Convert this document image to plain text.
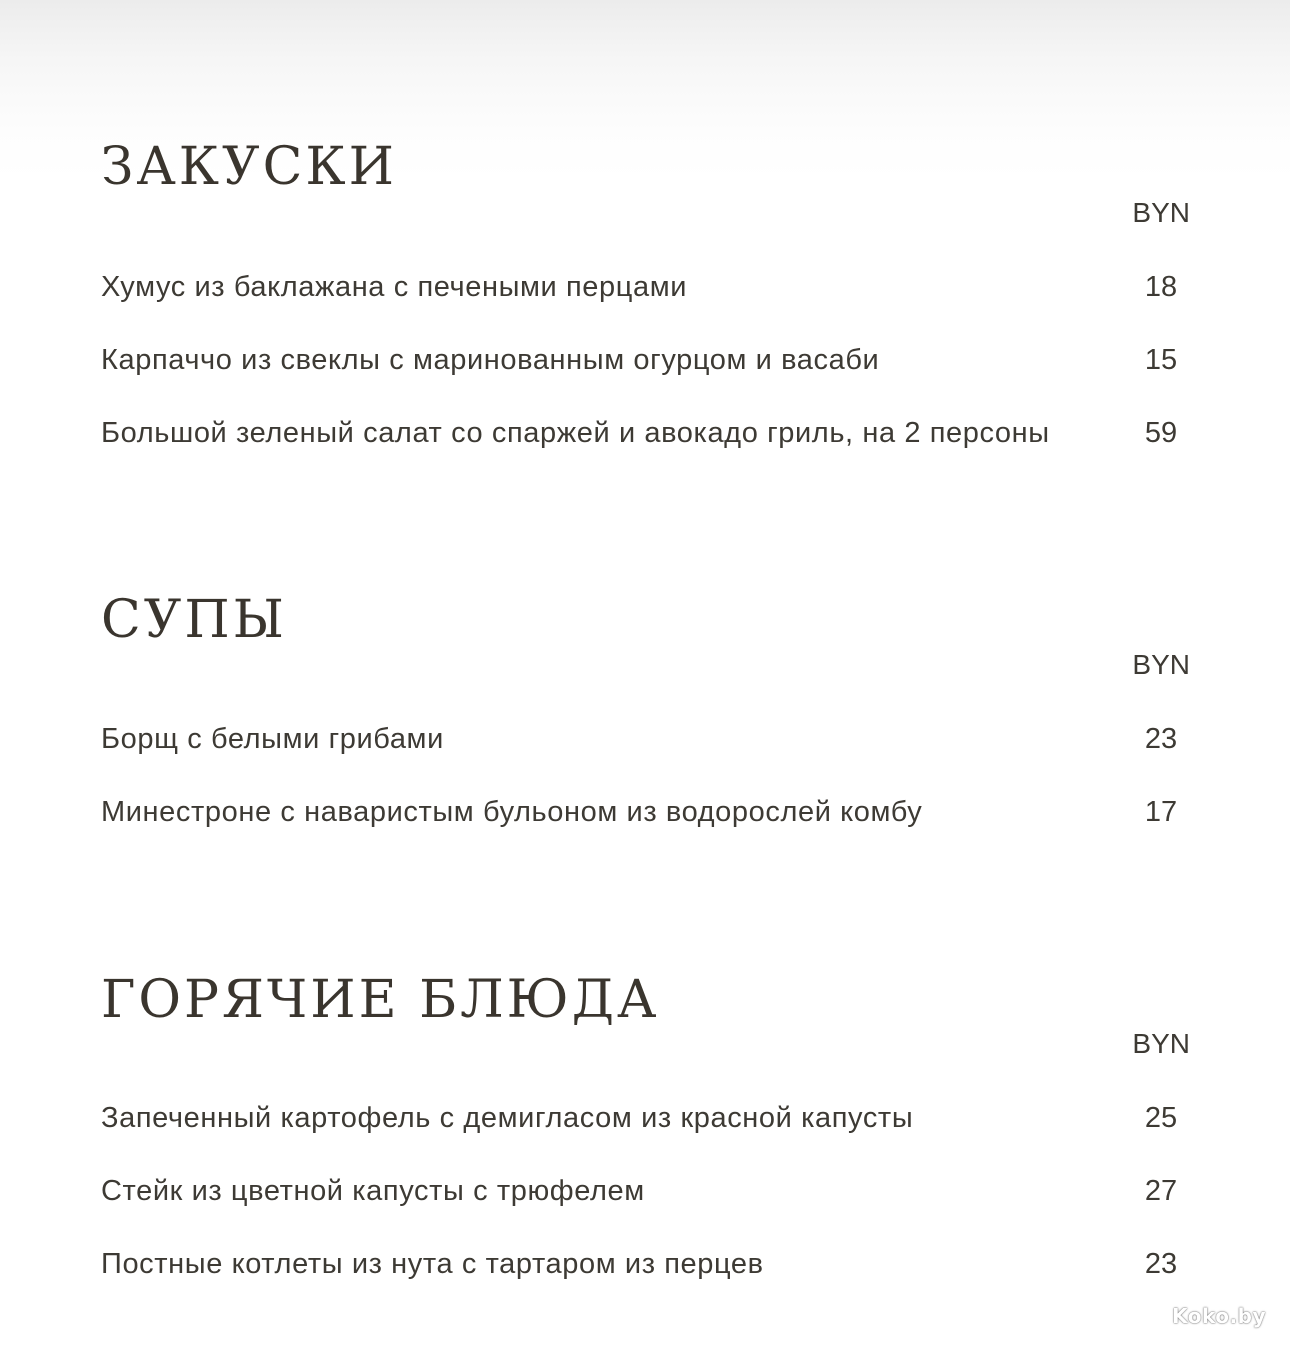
ЗАКУСКИ
BYN
Хумус из баклажана с печеными перцами	18
Карпаччо из свеклы с маринованным огурцом и васаби	15
Большой зеленый салат со спаржей и авокадо гриль, на 2 персоны	59
СУПЫ
BYN
Борщ с белыми грибами	23
Минестроне с наваристым бульоном из водорослей комбу	17
ГОРЯЧИЕ БЛЮДА
BYN
Запеченный картофель с демигласом из красной капусты	25
Стейк из цветной капусты с трюфелем	27
Постные котлеты из нута с тартаром из перцев	23
Koko.by
